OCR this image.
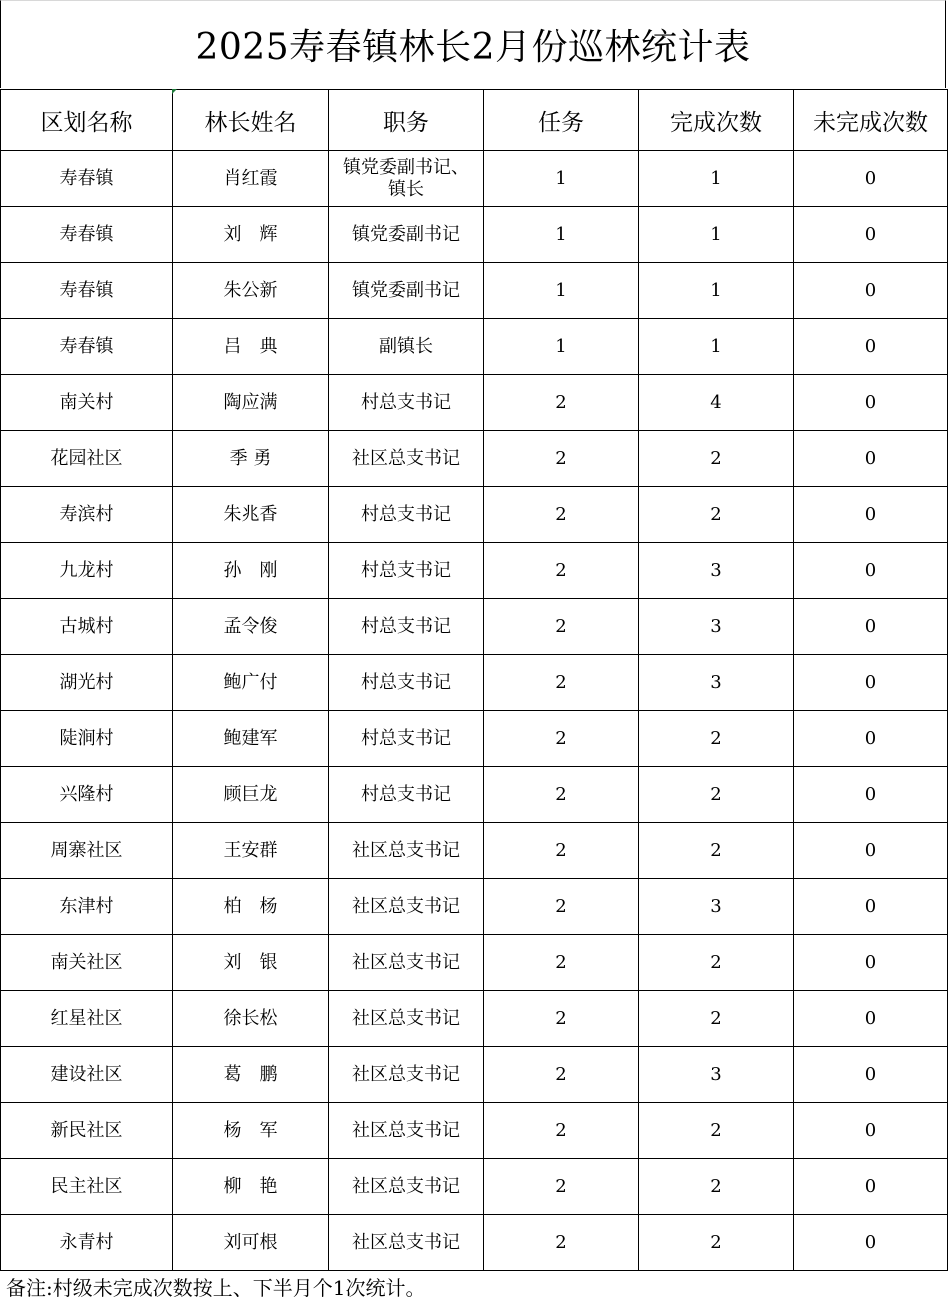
2025寿春镇林长2月份巡林统计表
区划名称	林长姓名	职务	任务	完成次数	未完成次数
寿春镇	肖红霞	镇党委副书记、镇长	1	1	0
寿春镇	刘　辉	镇党委副书记	1	1	0
寿春镇	朱公新	镇党委副书记	1	1	0
寿春镇	吕　典	副镇长	1	1	0
南关村	陶应满	村总支书记	2	4	0
花园社区	季 勇	社区总支书记	2	2	0
寿滨村	朱兆香	村总支书记	2	2	0
九龙村	孙　刚	村总支书记	2	3	0
古城村	孟令俊	村总支书记	2	3	0
湖光村	鲍广付	村总支书记	2	3	0
陡涧村	鲍建军	村总支书记	2	2	0
兴隆村	顾巨龙	村总支书记	2	2	0
周寨社区	王安群	社区总支书记	2	2	0
东津村	柏　杨	社区总支书记	2	3	0
南关社区	刘　银	社区总支书记	2	2	0
红星社区	徐长松	社区总支书记	2	2	0
建设社区	葛　鹏	社区总支书记	2	3	0
新民社区	杨　军	社区总支书记	2	2	0
民主社区	柳　艳	社区总支书记	2	2	0
永青村	刘可根	社区总支书记	2	2	0
备注:村级未完成次数按上、下半月个1次统计。
